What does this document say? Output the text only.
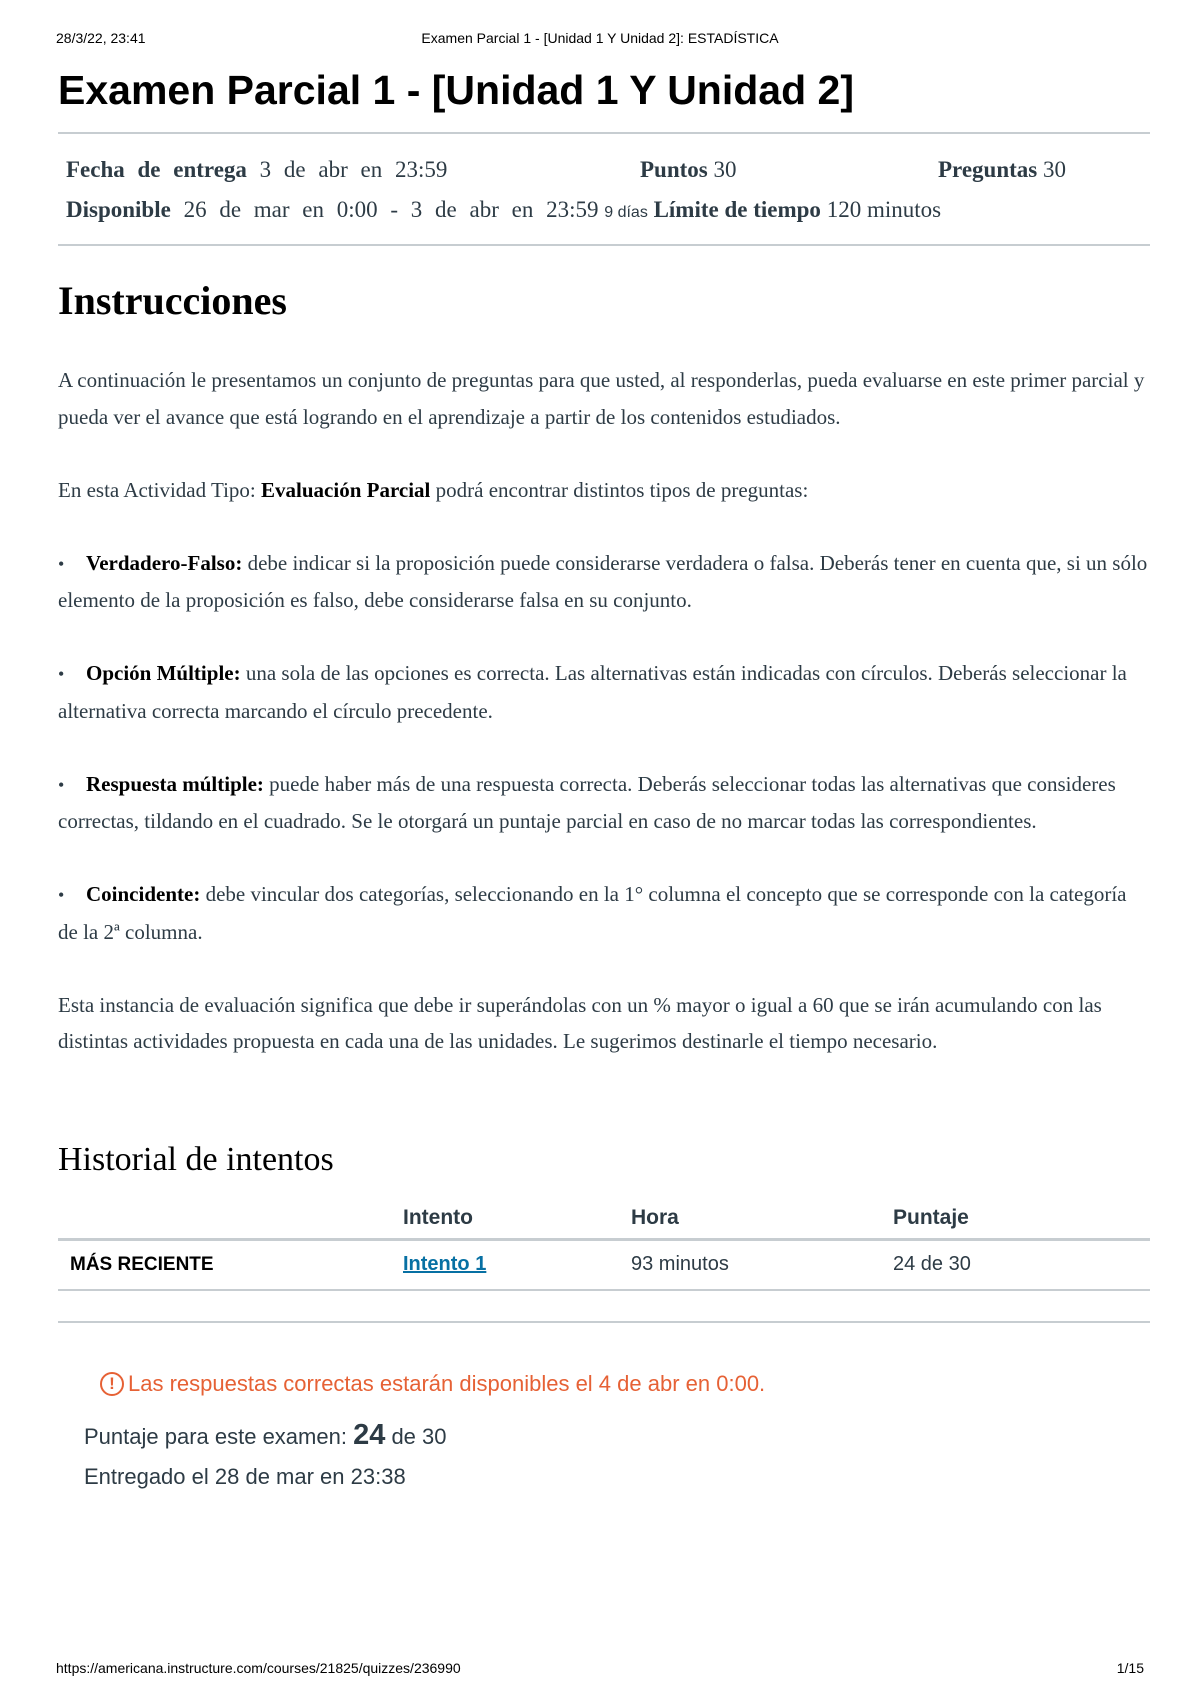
28/3/22, 23:41	Examen Parcial 1 - [Unidad 1 Y Unidad 2]: ESTADÍSTICA
Examen Parcial 1 - [Unidad 1 Y Unidad 2]
Fecha de entrega 3 de abr en 23:59	Puntos 30	Preguntas 30
Disponible 26 de mar en 0:00 - 3 de abr en 23:59 9 días Límite de tiempo 120 minutos
Instrucciones

A continuación le presentamos un conjunto de preguntas para que usted, al responderlas, pueda evaluarse en este primer parcial y pueda ver el avance que está logrando en el aprendizaje a partir de los contenidos estudiados.

En esta Actividad Tipo: Evaluación Parcial podrá encontrar distintos tipos de preguntas:

• Verdadero-Falso: debe indicar si la proposición puede considerarse verdadera o falsa. Deberás tener en cuenta que, si un sólo elemento de la proposición es falso, debe considerarse falsa en su conjunto.
• Opción Múltiple: una sola de las opciones es correcta. Las alternativas están indicadas con círculos. Deberás seleccionar la alternativa correcta marcando el círculo precedente.
• Respuesta múltiple: puede haber más de una respuesta correcta. Deberás seleccionar todas las alternativas que consideres correctas, tildando en el cuadrado. Se le otorgará un puntaje parcial en caso de no marcar todas las correspondientes.
• Coincidente: debe vincular dos categorías, seleccionando en la 1° columna el concepto que se corresponde con la categoría de la 2ª columna.

Esta instancia de evaluación significa que debe ir superándolas con un % mayor o igual a 60 que se irán acumulando con las distintas actividades propuesta en cada una de las unidades. Le sugerimos destinarle el tiempo necesario.

Historial de intentos
	Intento	Hora	Puntaje
MÁS RECIENTE	Intento 1	93 minutos	24 de 30
! Las respuestas correctas estarán disponibles el 4 de abr en 0:00.
Puntaje para este examen: 24 de 30
Entregado el 28 de mar en 23:38
https://americana.instructure.com/courses/21825/quizzes/236990	1/15
